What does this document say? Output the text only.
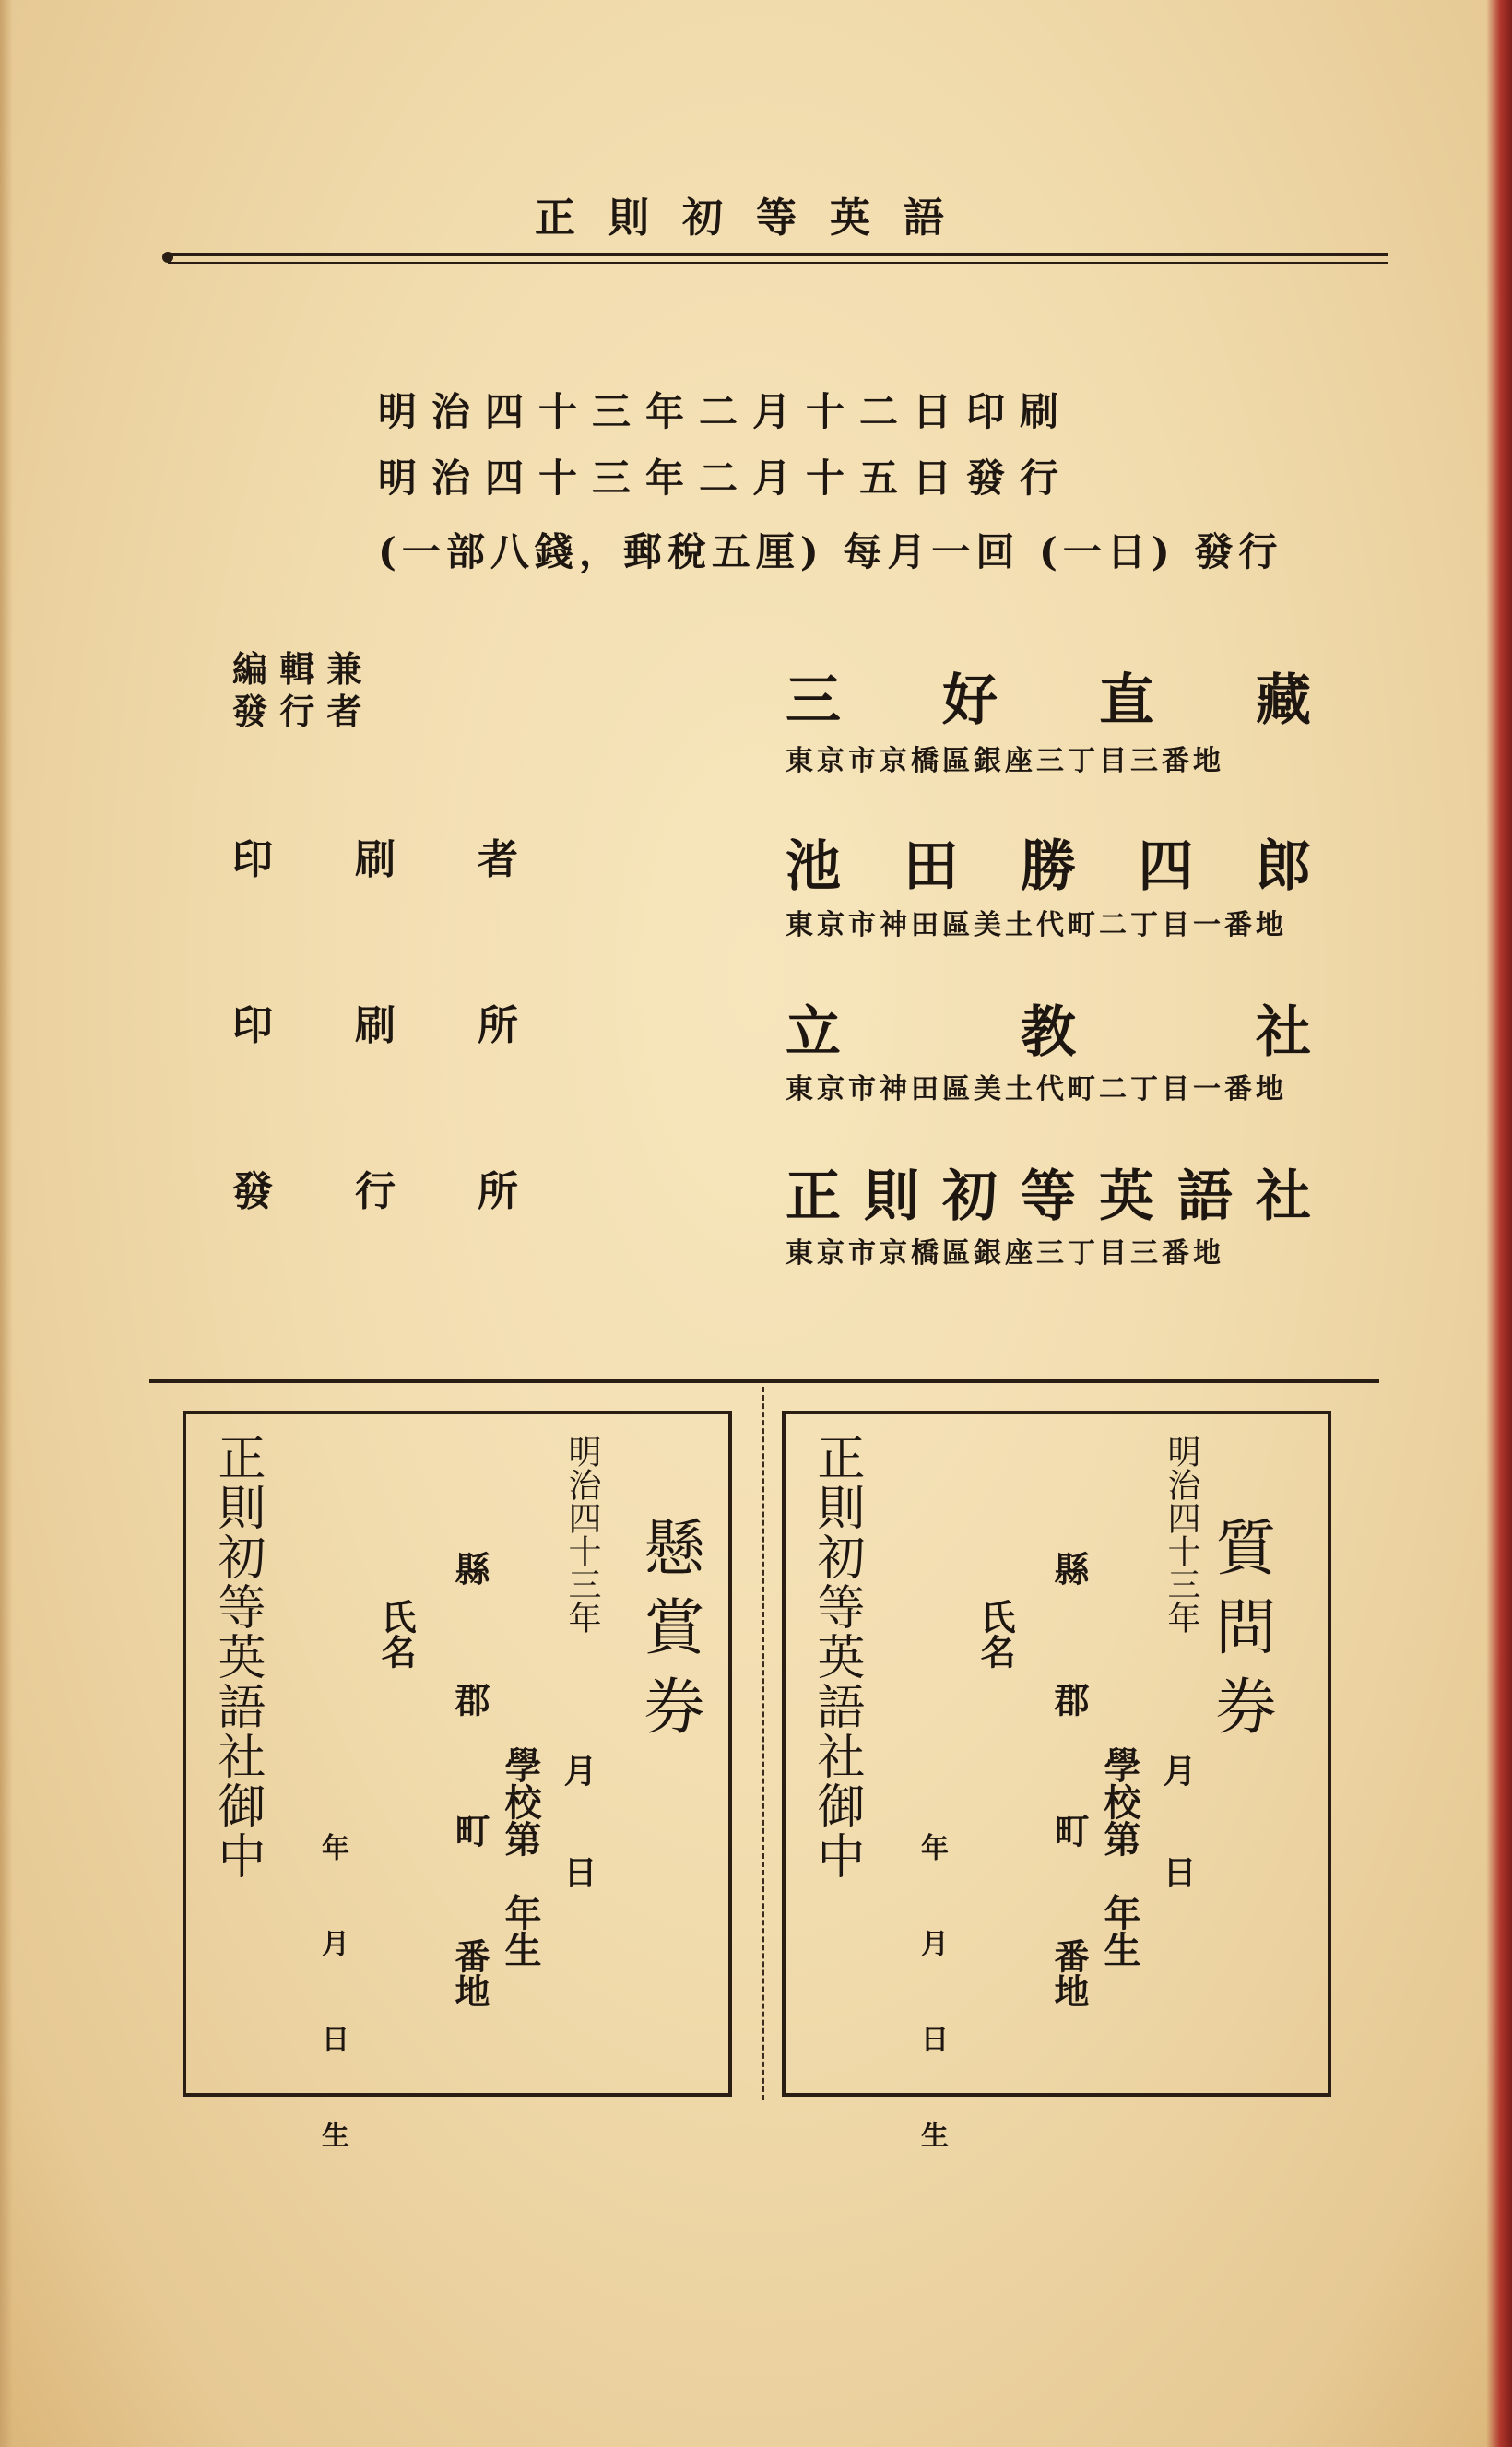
正則初等英語
明治四十三年二月十二日印刷
明治四十三年二月十五日發行
(一部八錢，郵稅五厘) 每月一回 (一日) 發行
編 輯 兼
發 行 者	三 好 直 藏
東京市京橋區銀座三丁目三番地
印 刷 者	池 田 勝 四 郎
東京市神田區美土代町二丁目一番地
印 刷 所	立	教	社
東京市神田區美土代町二丁目一番地
發 行 所	正 則 初 等 英 語 社
東京市京橋區銀座三丁目三番地
正則初等英語社御中	懸賞券
明治四十三年
月日
學校第　年生
縣郡町
番地
氏名
年月日生
正則初等英語社御中	質問券
明治四十三年
月日
學校第　年生
縣郡町
番地
氏名
年月日生
